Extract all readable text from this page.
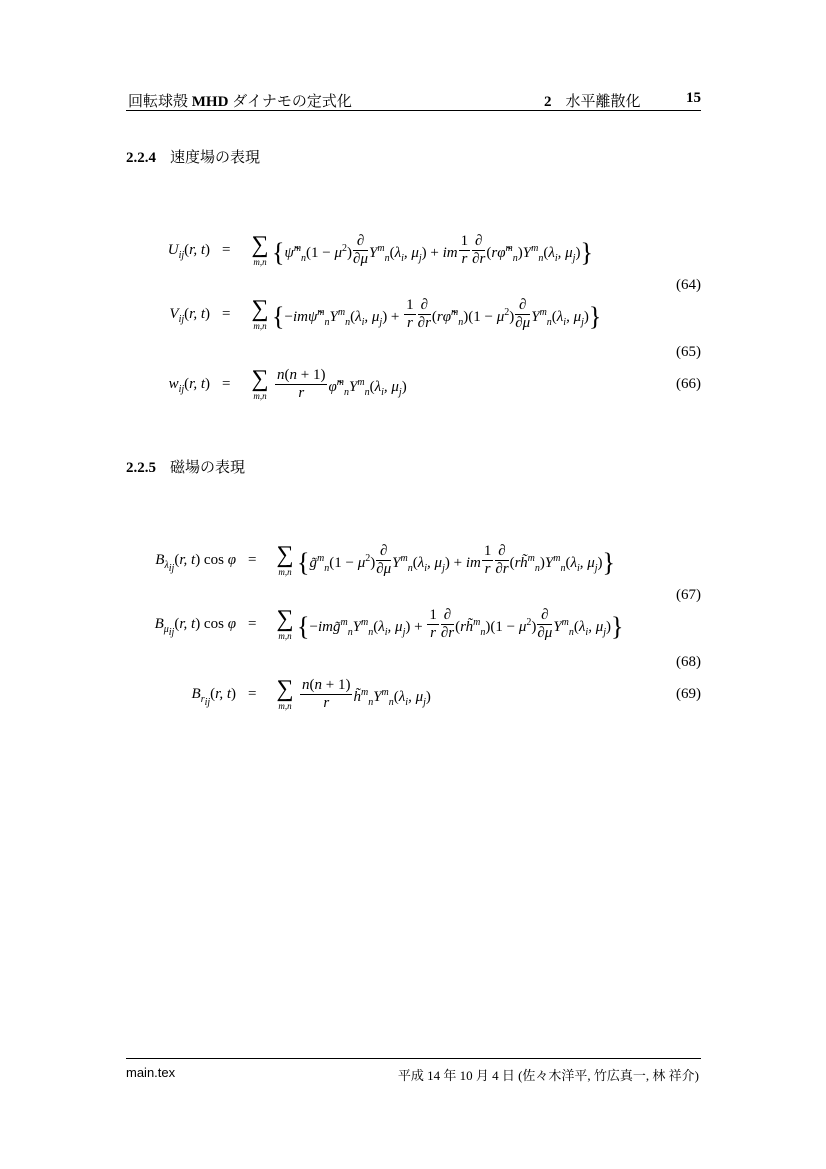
回転球殻 MHD ダイナモの定式化	2 水平離散化	15
2.2.4 速度場の表現
$U_{ij}(r$, t) = ∑
m,n {ψ̃$^m_n$(1 − $\mu^2) \frac{\partial}{\partial\mu} Y^m_n(\lambda_i$, $\mu_j$) + im $\frac{1}{r} \frac{\partial}{\partial r}$ $(r\varphĩ^m_n)Y^m_n(\lambda_i$, $\mu_j$)}
(64)
$V_{ij}(r$, t) = ∑
m,n {$-im\psĩ^m_nY^m_n(\lambda_i$, $\mu_j) + \frac{1}{r} \frac{\partial}{\partial r}$ (rφ̃$^m_n$)(1 − $\mu^2) \frac{\partial}{\partial\mu} Y^m_n(\lambda_i$, $\mu_j$)}
(65)
$w_{ij}(r$, t) = ∑
$m,n \frac{n(n + 1)}{r}$ $\varphĩ^m_nY^m_n(\lambda_i$, $\mu_j$)	(66)
2.2.5 磁場の表現
$B_{\lambda_{ij}}(r$, t) cos φ = ∑
m,n {g̃$^m_n$(1 − $\mu^2) \frac{\partial}{\partial\mu} Y^m_n(\lambda_i$, $\mu_j$) + im $\frac{1}{r} \frac{\partial}{\partial r}$ $(rh̃^m_n)Y^m_n(\lambda_i$, $\mu_j$)}
(67)
$B_{\mu_{ij}}(r$, t) cos φ = ∑
m,n {$-img̃^m_nY^m_n(\lambda_i$, $\mu_j) + \frac{1}{r} \frac{\partial}{\partial r}$ (rh̃$^m_n$)(1 − $\mu^2) \frac{\partial}{\partial\mu} Y^m_n(\lambda_i$, $\mu_j$)}
(68)
$B_{r_{ij}}(r$, t) = ∑
$m,n \frac{n(n + 1)}{r}$ $h̃^m_nY^m_n(\lambda_i$, $\mu_j$)	(69)
main.tex	平成 14 年 10 月 4 日 (佐々木洋平, 竹広真一, 林 祥介)
